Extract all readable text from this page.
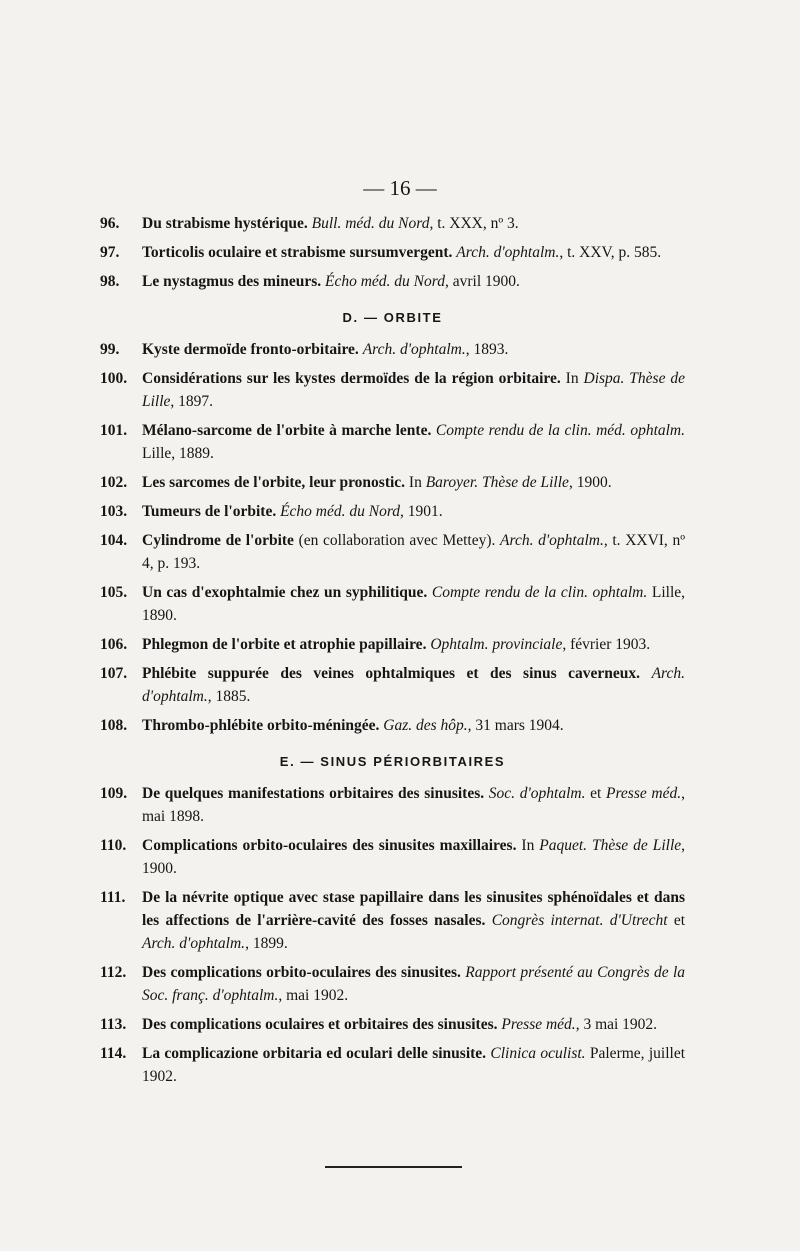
— 16 —
96.	Du strabisme hystérique. Bull. méd. du Nord, t. XXX, nº 3.
97.	Torticolis oculaire et strabisme sursumvergent. Arch. d'ophtalm., t. XXV, p. 585.
98.	Le nystagmus des mineurs. Écho méd. du Nord, avril 1900.
D. — ORBITE
99.	Kyste dermoïde fronto-orbitaire. Arch. d'ophtalm., 1893.
100. Considérations sur les kystes dermoïdes de la région orbitaire. In Dispa. Thèse de Lille, 1897.
101. Mélano-sarcome de l'orbite à marche lente. Compte rendu de la clin. méd. ophtalm. Lille, 1889.
102. Les sarcomes de l'orbite, leur pronostic. In Baroyer. Thèse de Lille, 1900.
103. Tumeurs de l'orbite. Écho méd. du Nord, 1901.
104. Cylindrome de l'orbite (en collaboration avec Mettey). Arch. d'ophtalm., t. XXVI, nº 4, p. 193.
105. Un cas d'exophtalmie chez un syphilitique. Compte rendu de la clin. ophtalm. Lille, 1890.
106. Phlegmon de l'orbite et atrophie papillaire. Ophtalm. provinciale, février 1903.
107. Phlébite suppurée des veines ophtalmiques et des sinus caverneux. Arch. d'ophtalm., 1885.
108. Thrombo-phlébite orbito-méningée. Gaz. des hôp., 31 mars 1904.
E. — SINUS PÉRIORBITAIRES
109. De quelques manifestations orbitaires des sinusites. Soc. d'ophtalm. et Presse méd., mai 1898.
110.	Complications orbito-oculaires des sinusites maxillaires. In Paquet. Thèse de Lille, 1900.
111.	De la névrite optique avec stase papillaire dans les sinusites sphénoïdales et dans les affections de l'arrière-cavité des fosses nasales. Congrès internat. d'Utrecht et Arch. d'ophtalm., 1899.
112.	Des complications orbito-oculaires des sinusites. Rapport présenté au Congrès de la Soc. franç. d'ophtalm., mai 1902.
113.	Des complications oculaires et orbitaires des sinusites. Presse méd., 3 mai 1902.
114.	La complicazione orbitaria ed oculari delle sinusite. Clinica oculist. Palerme, juillet 1902.
